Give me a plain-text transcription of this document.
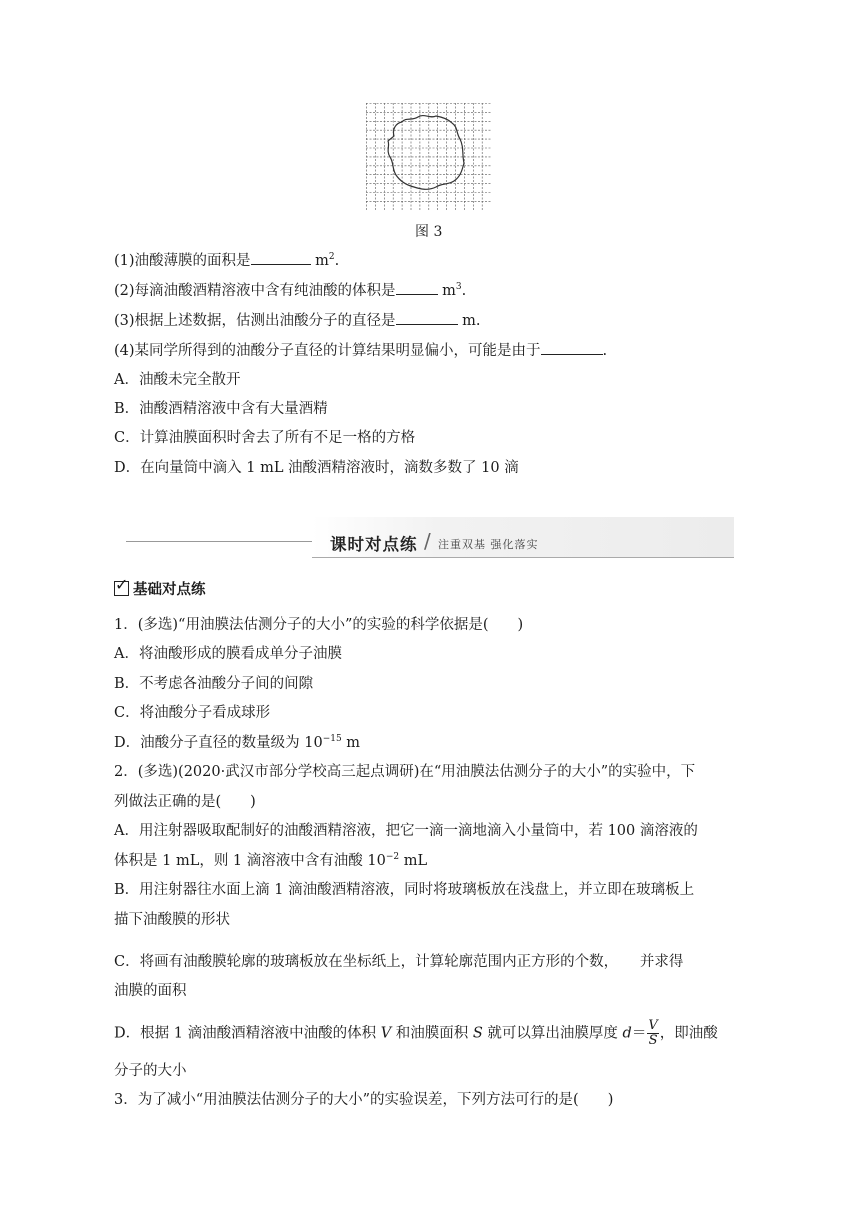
图 3
(1)油酸薄膜的面积是	$m^2$.
(2)每滴油酸酒精溶液中含有纯油酸的体积是	$m^3$.
(3)根据上述数据，估测出油酸分子的直径是	m.
(4)某同学所得到的油酸分子直径的计算结果明显偏小，可能是由于	.
A．油酸未完全散开
B．油酸酒精溶液中含有大量酒精
C．计算油膜面积时舍去了所有不足一格的方格
D．在向量筒中滴入 1 mL 油酸酒精溶液时，滴数多数了 10 滴
课时对点练 / 注重双基 强化落实
✓ 基础对点练
1．(多选)“用油膜法估测分子的大小”的实验的科学依据是(　　)
A．将油酸形成的膜看成单分子油膜
B．不考虑各油酸分子间的间隙
C．将油酸分子看成球形
D．油酸分子直径的数量级为 $10^{-15}$ m
2．(多选)(2020·武汉市部分学校高三起点调研)在“用油膜法估测分子的大小”的实验中，下
列做法正确的是(　　)
A．用注射器吸取配制好的油酸酒精溶液，把它一滴一滴地滴入小量筒中，若 100 滴溶液的
体积是 1 mL，则 1 滴溶液中含有油酸 $10^{-2}$ mL
B．用注射器往水面上滴 1 滴油酸酒精溶液，同时将玻璃板放在浅盘上，并立即在玻璃板上
描下油酸膜的形状
C．将画有油酸膜轮廓的玻璃板放在坐标纸上，计算轮廓范围内正方形的个数，　　并求得
油膜的面积
D．根据 1 滴油酸酒精溶液中油酸的体积 V 和油膜面积 S 就可以算出油膜厚度 $d= \frac{V}{S}$ ，即油酸
分子的大小
3．为了减小“用油膜法估测分子的大小”的实验误差，下列方法可行的是(　　)
